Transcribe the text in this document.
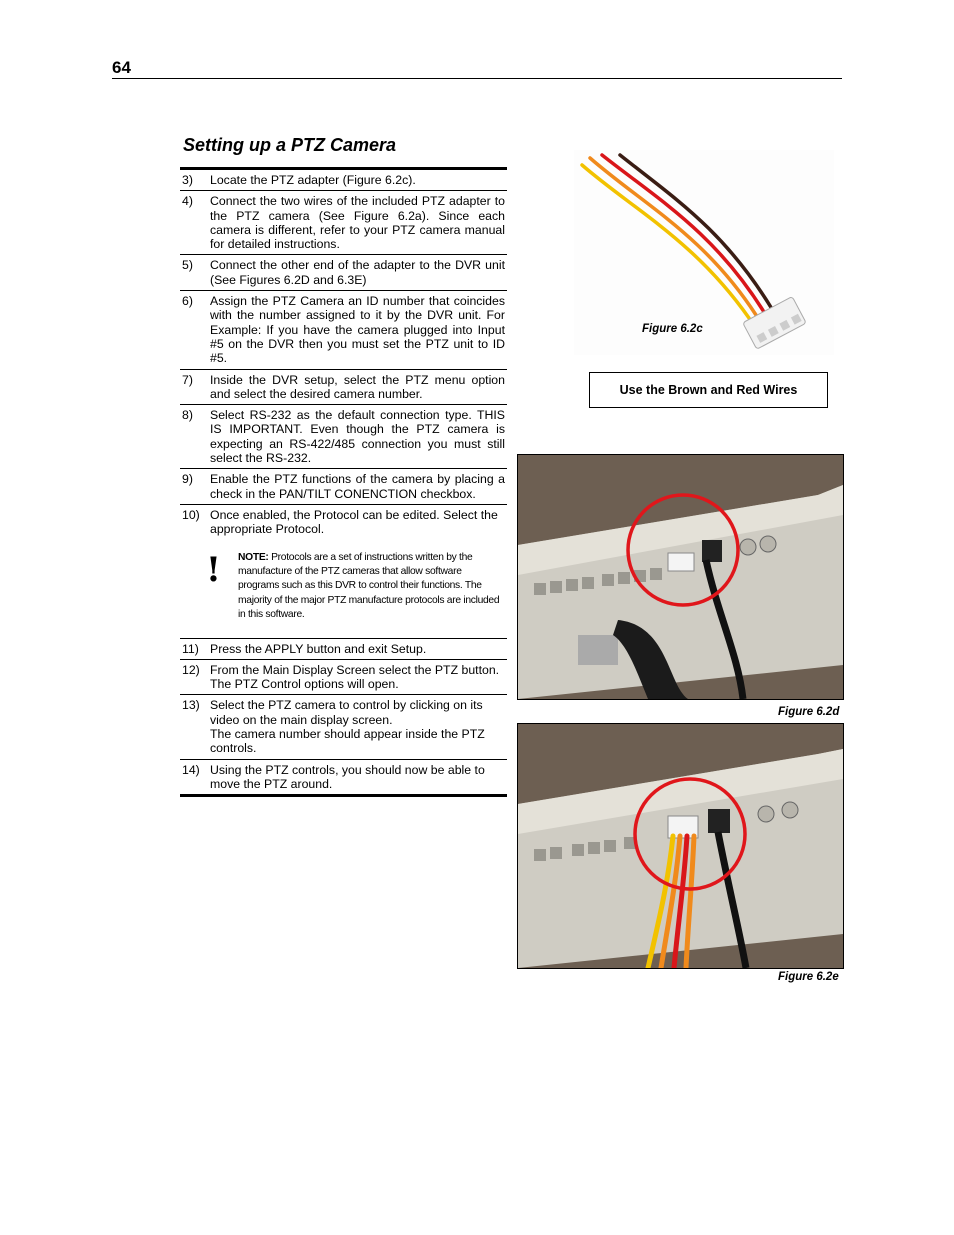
64
Setting up a PTZ Camera
3)	Locate the PTZ adapter (Figure 6.2c).
4)	Connect the two wires of the included PTZ adapter to the PTZ camera (See Figure 6.2a). Since each camera is different, refer to your PTZ camera manual for detailed instructions.
5)	Connect the other end of the adapter to the DVR unit (See Figures 6.2D and 6.3E)
6)	Assign the PTZ Camera an ID number that coincides with the number assigned to it by the DVR unit. For Example: If you have the camera plugged into Input #5 on the DVR then you must set the PTZ unit to ID #5.
7)	Inside the DVR setup, select the PTZ menu option and select the desired camera number.
8)	Select RS-232 as the default connection type. THIS IS IMPORTANT. Even though the PTZ camera is expecting an RS-422/485 connection you must still select the RS-232.
9)	Enable the PTZ functions of the camera by placing a check in the PAN/TILT CONENCTION checkbox.
10) Once enabled, the Protocol can be edited. Select the appropriate Protocol.
!	NOTE: Protocols are a set of instructions written by the manufacture of the PTZ cameras that allow software programs such as this DVR to control their functions. The majority of the major PTZ manufacture protocols are included in this software.
11) Press the APPLY button and exit Setup.
12) From the Main Display Screen select the PTZ button. The PTZ Control options will open.
13) Select the PTZ camera to control by clicking on its video on the main display screen.
The camera number should appear inside the PTZ controls.
14) Using the PTZ controls, you should now be able to move the PTZ around.
Figure 6.2c
Use the Brown and Red Wires
Figure 6.2d
Figure 6.2e
